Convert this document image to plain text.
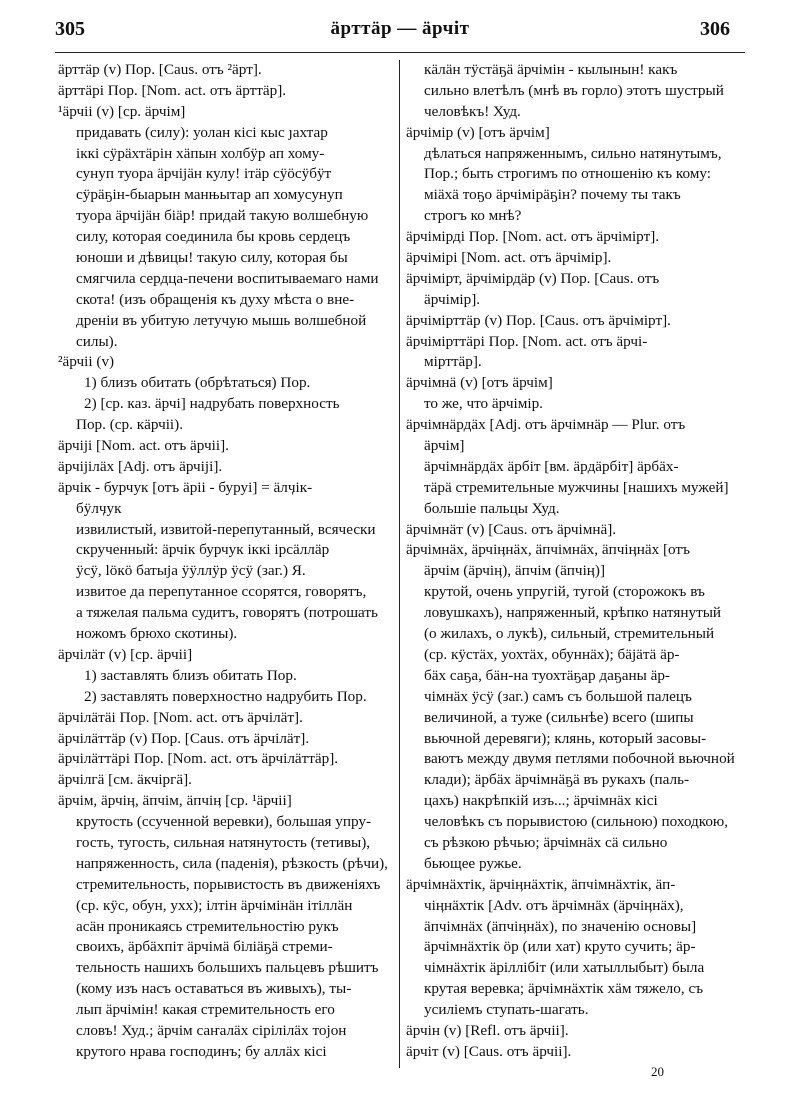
305	ӓрттӓр — ӓрчіт	306
ӓрттӓр (v) Пор. [Caus. отъ ²ӓрт].
ӓрттӓрі Пор. [Nom. act. отъ ӓрттӓр].
¹ӓрчіі (v) [ср. ӓрчім]
придавать (силу): уолан кісі кыс ȷахтар
іккі сӱрӓхтӓрін хӓпын холбӱр ап хому-
сунуп туора ӓрчіјӓн кулу! ітӓр сӱӧсӱбӱт
сӱрӓҕін-быарын манњытар ап хомусунуп
туора ӓрчіјӓн біӓр! придай такую волшебную
силу, которая соединила бы кровь сердецъ
юноши и дѣвицы! такую силу, которая бы
смягчила сердца-печени воспитываемаго нами
скота! (изъ обращенія къ духу мѣста о вне-
дреніи въ убитую летучую мышь волшебной
силы).
²ӓрчіі (v)
1) близъ обитать (обрѣтаться) Пор.
2) [ср. каз. ӓрчі] надрубать поверхность
Пор. (ср. кӓрчіі).
ӓрчіјі [Nom. act. отъ ӓрчіі].
ӓрчіјілӓх [Adj. отъ ӓрчіјі].
ӓрчік - бурчук [отъ ӓріі - буруі] = ӓлӌік-
бӱлӌук
извилистый, извитой-перепутанный, всячески
скрученный: ӓрчік бурчук іккі ірсӓллӓр
ӱсӱ, lӧкӧ батыја ӱӱллӱр ӱсӱ (заг.) Я.
извитое да перепутанное ссорятся, говорятъ,
а тяжелая пальма судитъ, говорятъ (потрошать
ножомъ брюхо скотины).
ӓрчілӓт (v) [ср. ӓрчіі]
1) заставлять близъ обитать Пор.
2) заставлять поверхностно надрубить Пор.
ӓрчілӓтӓі Пор. [Nom. act. отъ ӓрчілӓт].
ӓрчілӓттӓр (v) Пор. [Caus. отъ ӓрчілӓт].
ӓрчілӓттӓрі Пор. [Nom. act. отъ ӓрчілӓттӓр].
ӓрчілгӓ [см. ӓкчіргӓ].
ӓрчім, ӓрчіӊ, ӓпчім, ӓпчіӊ [ср. ¹ӓрчіі]
крутость (ссученной веревки), большая упру-
гость, тугость, сильная натянутость (тетивы),
напряженность, сила (паденія), рѣзкость (рѣчи),
стремительность, порывистость въ движеніяхъ
(ср. кӱс, обун, ухх); ілтін ӓрчімінӓн ітіллӓн
асӓн проникаясь стремительностію рукъ
своихъ, ӓрбӓхпіт ӓрчімӓ біліӓҕӓ стреми-
тельность нашихъ большихъ пальцевъ рѣшитъ
(кому изъ насъ оставаться въ живыхъ), ты-
лып ӓрчімін! какая стремительность его
словъ! Худ.; ӓрчім саҥалӓх сірілілӓх тојон
крутого нрава господинъ; бу аллӓх кісі
кӓлӓн тӱстӓҕӓ ӓрчімін - кылынын! какъ
сильно влетѣлъ (мнѣ въ горло) этотъ шустрый
человѣкъ! Худ.
ӓрчімір (v) [отъ ӓрчім]
дѣлаться напряженнымъ, сильно натянутымъ,
Пор.; быть строгимъ по отношенію къ кому:
міӓхӓ тоҕо ӓрчімірӓҕін? почему ты такъ
строгъ ко мнѣ?
ӓрчімірді Пор. [Nom. act. отъ ӓрчімірт].
ӓрчімірі [Nom. act. отъ ӓрчімір].
ӓрчімірт, ӓрчімірдӓр (v) Пор. [Caus. отъ
ӓрчімір].
ӓрчімірттӓр (v) Пор. [Caus. отъ ӓрчімірт].
ӓрчімірттӓрі Пор. [Nom. act. отъ ӓрчі-
мірттӓр].
ӓрчімнӓ (v) [отъ ӓрчім]
то же, что ӓрчімір.
ӓрчімнӓрдӓх [Adj. отъ ӓрчімнӓр — Plur. отъ
ӓрчім]
ӓрчімнӓрдӓх ӓрбіт [вм. ӓрдӓрбіт] ӓрбӓх-
тӓрӓ стремительные мужчины [нашихъ мужей]
большіе пальцы Худ.
ӓрчімнӓт (v) [Caus. отъ ӓрчімнӓ].
ӓрчімнӓх, ӓрчіӊнӓх, ӓпчімнӓх, ӓпчіӊнӓх [отъ
ӓрчім (ӓрчіӊ), ӓпчім (ӓпчіӊ)]
крутой, очень упругій, тугой (сторожокъ въ
ловушкахъ), напряженный, крѣпко натянутый
(о жилахъ, о лукѣ), сильный, стремительный
(ср. кӱстӓх, уохтӓх, обуннӓх); бӓјӓтӓ ӓр-
бӓх саҕа, бӓн-на туохтӓҕар даҕаны ӓр-
чімнӓх ӱсӱ (заг.) самъ съ большой палецъ
величиной, а туже (сильнѣе) всего (шипы
вьючной деревяги); клянь, который засовы-
ваютъ между двумя петлями побочной вьючной
клади); ӓрбӓх ӓрчімнӓҕӓ въ рукахъ (паль-
цахъ) накрѣпкій изъ...; ӓрчімнӓх кісі
человѣкъ съ порывистою (сильною) походкою,
съ рѣзкою рѣчью; ӓрчімнӓх сӓ сильно
бьющее ружье.
ӓрчімнӓхтік, ӓрчіӊнӓхтік, ӓпчімнӓхтік, ӓп-
чіӊнӓхтік [Adv. отъ ӓрчімнӓх (ӓрчіӊнӓх),
ӓпчімнӓх (ӓпчіӊнӓх), по значенію основы]
ӓрчімнӓхтік ӧр (или хат) круто сучить; ӓр-
чімнӓхтік ӓріллібіт (или хатыллыбыт) была
крутая веревка; ӓрчімнӓхтік хӓм тяжело, съ
усиліемъ ступать-шагать.
ӓрчін (v) [Refl. отъ ӓрчіі].
ӓрчіт (v) [Caus. отъ ӓрчіі].
20
